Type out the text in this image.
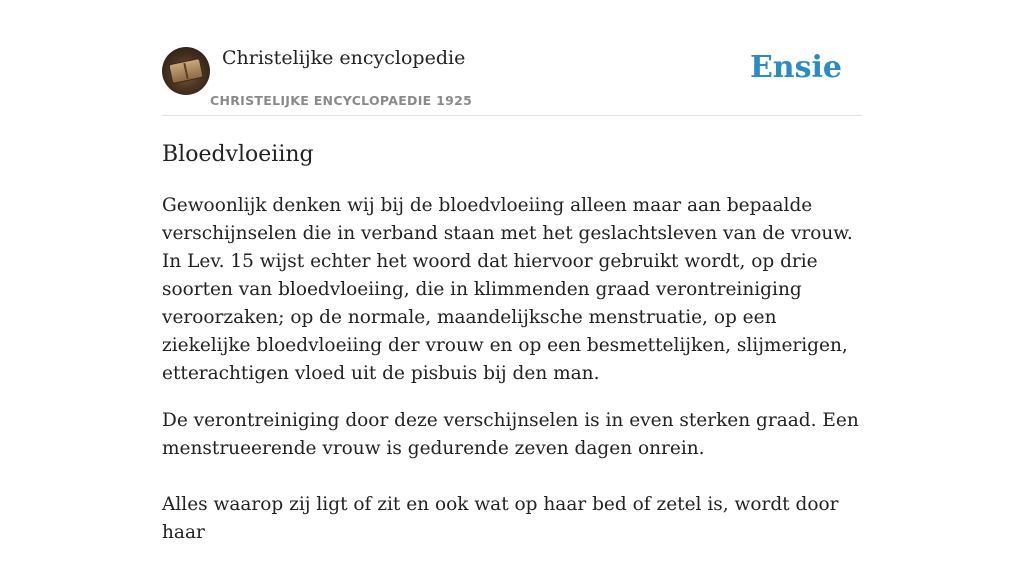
Christelijke encyclopedie
CHRISTELIJKE ENCYCLOPAEDIE 1925
Ensie
Bloedvloeiing

Gewoonlijk denken wij bij de bloedvloeiing alleen maar aan bepaalde verschijnselen die in verband staan met het geslachtsleven van de vrouw. In Lev. 15 wijst echter het woord dat hiervoor gebruikt wordt, op drie soorten van bloedvloeiing, die in klimmenden graad verontreiniging veroorzaken; op de normale, maandelijksche menstruatie, op een ziekelijke bloedvloeiing der vrouw en op een besmettelijken, slijmerigen, etterachtigen vloed uit de pisbuis bij den man.

De verontreiniging door deze verschijnselen is in even sterken graad. Een menstrueerende vrouw is gedurende zeven dagen onrein.

Alles waarop zij ligt of zit en ook wat op haar bed of zetel is, wordt door haar
